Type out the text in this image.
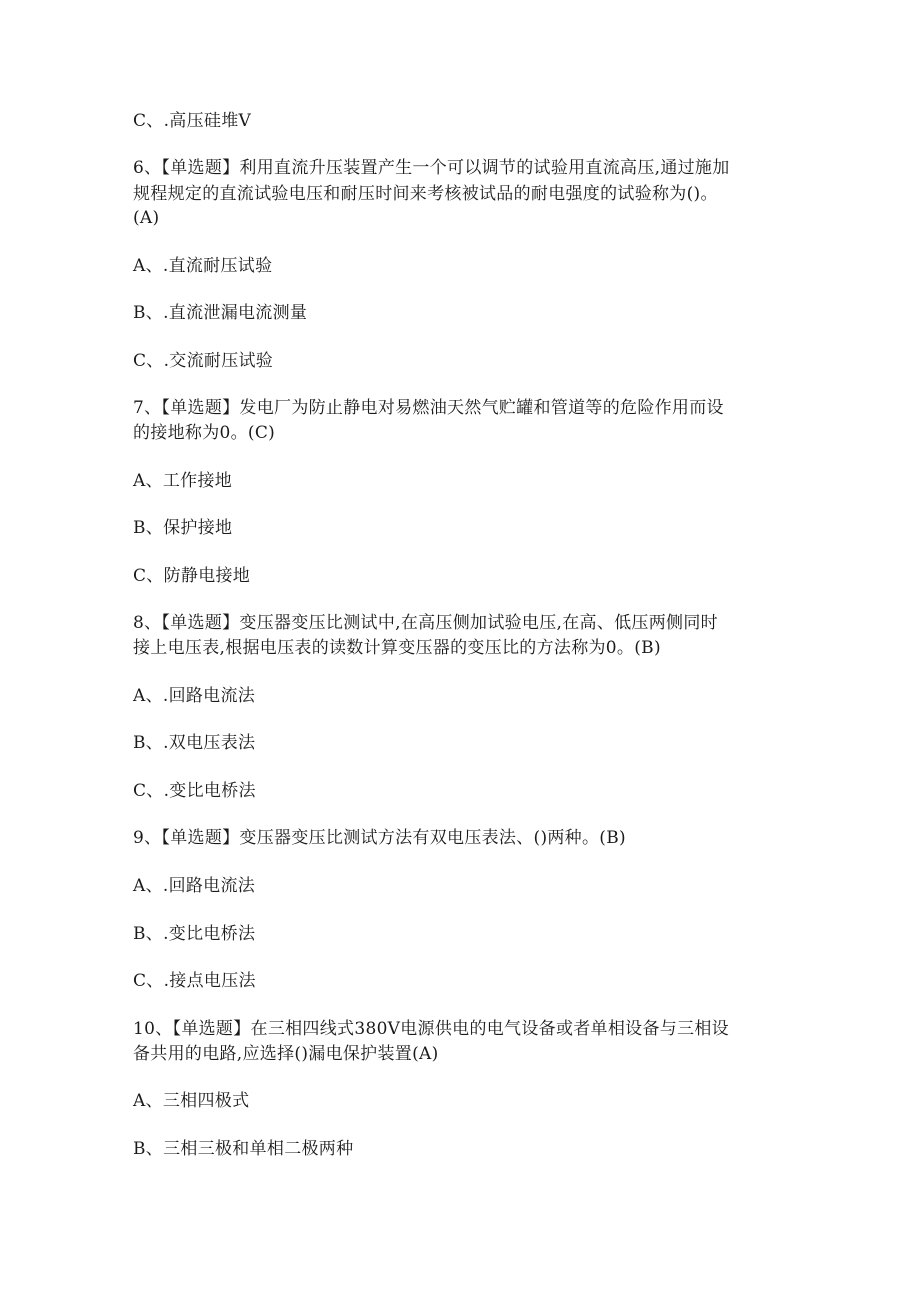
C、.高压硅堆V
6、【单选题】利用直流升压装置产生一个可以调节的试验用直流高压,通过施加
规程规定的直流试验电压和耐压时间来考核被试品的耐电强度的试验称为()。
(A)
A、.直流耐压试验
B、.直流泄漏电流测量
C、.交流耐压试验
7、【单选题】发电厂为防止静电对易燃油天然气贮罐和管道等的危险作用而设
的接地称为0。(C)
A、工作接地
B、保护接地
C、防静电接地
8、【单选题】变压器变压比测试中,在高压侧加试验电压,在高、低压两侧同时
接上电压表,根据电压表的读数计算变压器的变压比的方法称为0。(B)
A、.回路电流法
B、.双电压表法
C、.变比电桥法
9、【单选题】变压器变压比测试方法有双电压表法、()两种。(B)
A、.回路电流法
B、.变比电桥法
C、.接点电压法
10、【单选题】在三相四线式380V电源供电的电气设备或者单相设备与三相设
备共用的电路,应选择()漏电保护装置(A)
A、三相四极式
B、三相三极和单相二极两种
